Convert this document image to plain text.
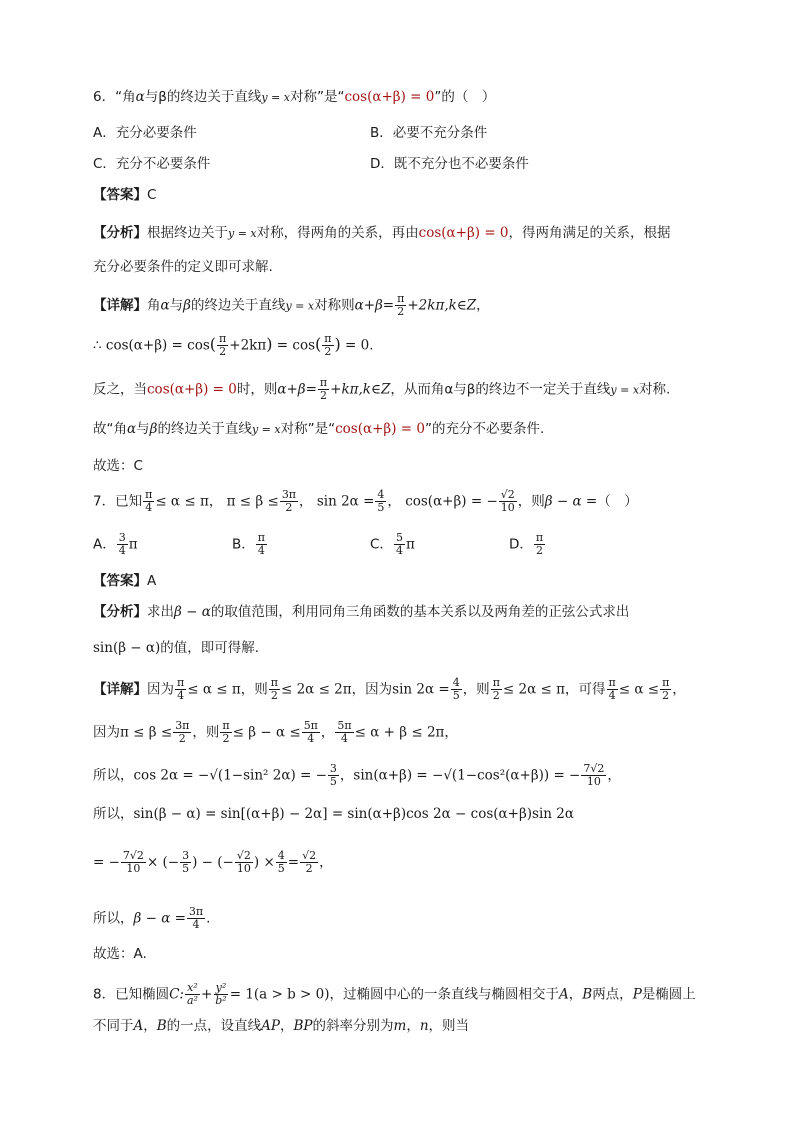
6．“角α与β的终边关于直线y = x对称”是“cos(α+β) = 0”的（　）
A．充分必要条件	B．必要不充分条件
C．充分不必要条件	D．既不充分也不必要条件
【答案】C
【分析】根据终边关于y = x对称，得两角的关系，再由cos(α+β) = 0，得两角满足的关系，根据
充分必要条件的定义即可求解.
【详解】角α与β的终边关于直线y = x对称则$\alpha+\beta= \frac{\pi}{2}$ +2kπ,k∈Z，
∴ $\cos(\alpha+\beta) = \cos( \frac{\pi}{2} +2k\pi) = \cos( \frac{\pi}{2}$ ) = 0.
反之，当cos(α+β) = 0时，则$\alpha+\beta= \frac{\pi}{2}$ +kπ,k∈Z，从而角α与β的终边不一定关于直线y = x对称.
故“角α与β的终边关于直线y = x对称”是“cos(α+β) = 0”的充分不必要条件.
故选：C
7．已知 $\frac{\pi}{4} \le \alpha \le \pi$， $\pi \le \beta \le \frac{3\pi}{2}$ ， $\sin 2\alpha = \frac{4}{5}$ ， cos(α+β) = − $\frac{√2}{10}$ ，则β − α =（　）
A． $\frac{3}{4}$ π	B． $\frac{\pi}{4}$	C． $\frac{5}{4}$ π	D． $\frac{\pi}{2}$
【答案】A
【分析】求出β − α的取值范围，利用同角三角函数的基本关系以及两角差的正弦公式求出
sin(β − α)的值，即可得解.
【详解】因为 $\frac{\pi}{4} \le \alpha \le \pi$，则 $\frac{\pi}{2} \le 2\alpha \le 2\pi$，因为$\sin 2\alpha = \frac{4}{5}$ ，则 $\frac{\pi}{2} \le 2\alpha \le \pi$，可得 $\frac{\pi}{4} \le \alpha \le \frac{\pi}{2}$ ，
因为$\pi \le \beta \le \frac{3\pi}{2}$ ，则 $\frac{\pi}{2} \le \beta - \alpha \le \frac{5\pi}{4}$ ， $\frac{5\pi}{4} \le \alpha + \beta \le 2\pi$，
所以，cos 2α = −√(1−sin² 2α) = − $\frac{3}{5}$ ，sin(α+β) = −√(1−cos²(α+β)) = − $\frac{7√2}{10}$ ，
所以，sin(β − α) = sin[(α+β) − 2α] = sin(α+β)cos 2α − cos(α+β)sin 2α
= − $\frac{7√2}{10}$ × (− $\frac{3}{5}$ ) − (− $\frac{√2}{10}$ ) × $\frac{4}{5} = \frac{√2}{2}$ ，
所以，$\beta - \alpha = \frac{3\pi}{4}$ .
故选：A.
8．已知椭圆C: $\frac{\text{x²}}{\text{a²}} + \frac{\text{y²}}{\text{b²}} = 1(a > b > 0)$，过椭圆中心的一条直线与椭圆相交于A，B两点，P是椭圆上
不同于A，B的一点，设直线AP，BP的斜率分别为m，n，则当
